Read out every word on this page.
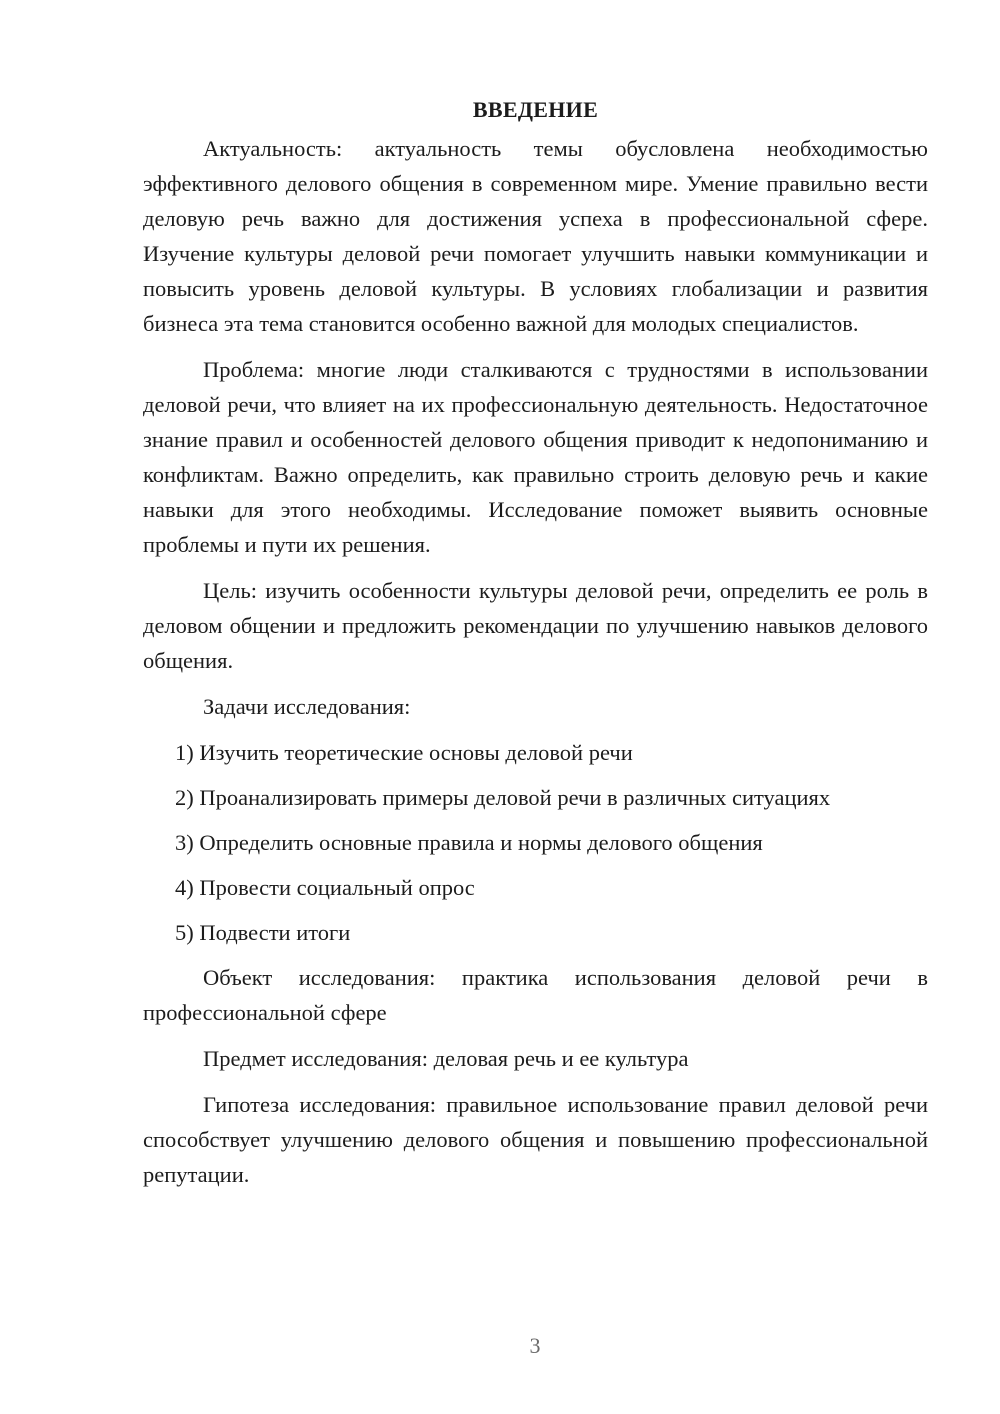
ВВЕДЕНИЕ

Актуальность: актуальность темы обусловлена необходимостью эффективного делового общения в современном мире. Умение правильно вести деловую речь важно для достижения успеха в профессиональной сфере. Изучение культуры деловой речи помогает улучшить навыки коммуникации и повысить уровень деловой культуры. В условиях глобализации и развития бизнеса эта тема становится особенно важной для молодых специалистов.

Проблема: многие люди сталкиваются с трудностями в использовании деловой речи, что влияет на их профессиональную деятельность. Недостаточное знание правил и особенностей делового общения приводит к недопониманию и конфликтам. Важно определить, как правильно строить деловую речь и какие навыки для этого необходимы. Исследование поможет выявить основные проблемы и пути их решения.

Цель: изучить особенности культуры деловой речи, определить ее роль в деловом общении и предложить рекомендации по улучшению навыков делового общения.

Задачи исследования:

1) Изучить теоретические основы деловой речи
2) Проанализировать примеры деловой речи в различных ситуациях
3) Определить основные правила и нормы делового общения
4) Провести социальный опрос
5) Подвести итоги

Объект исследования: практика использования деловой речи в профессиональной сфере

Предмет исследования: деловая речь и ее культура

Гипотеза исследования: правильное использование правил деловой речи способствует улучшению делового общения и повышению профессиональной репутации.

3
